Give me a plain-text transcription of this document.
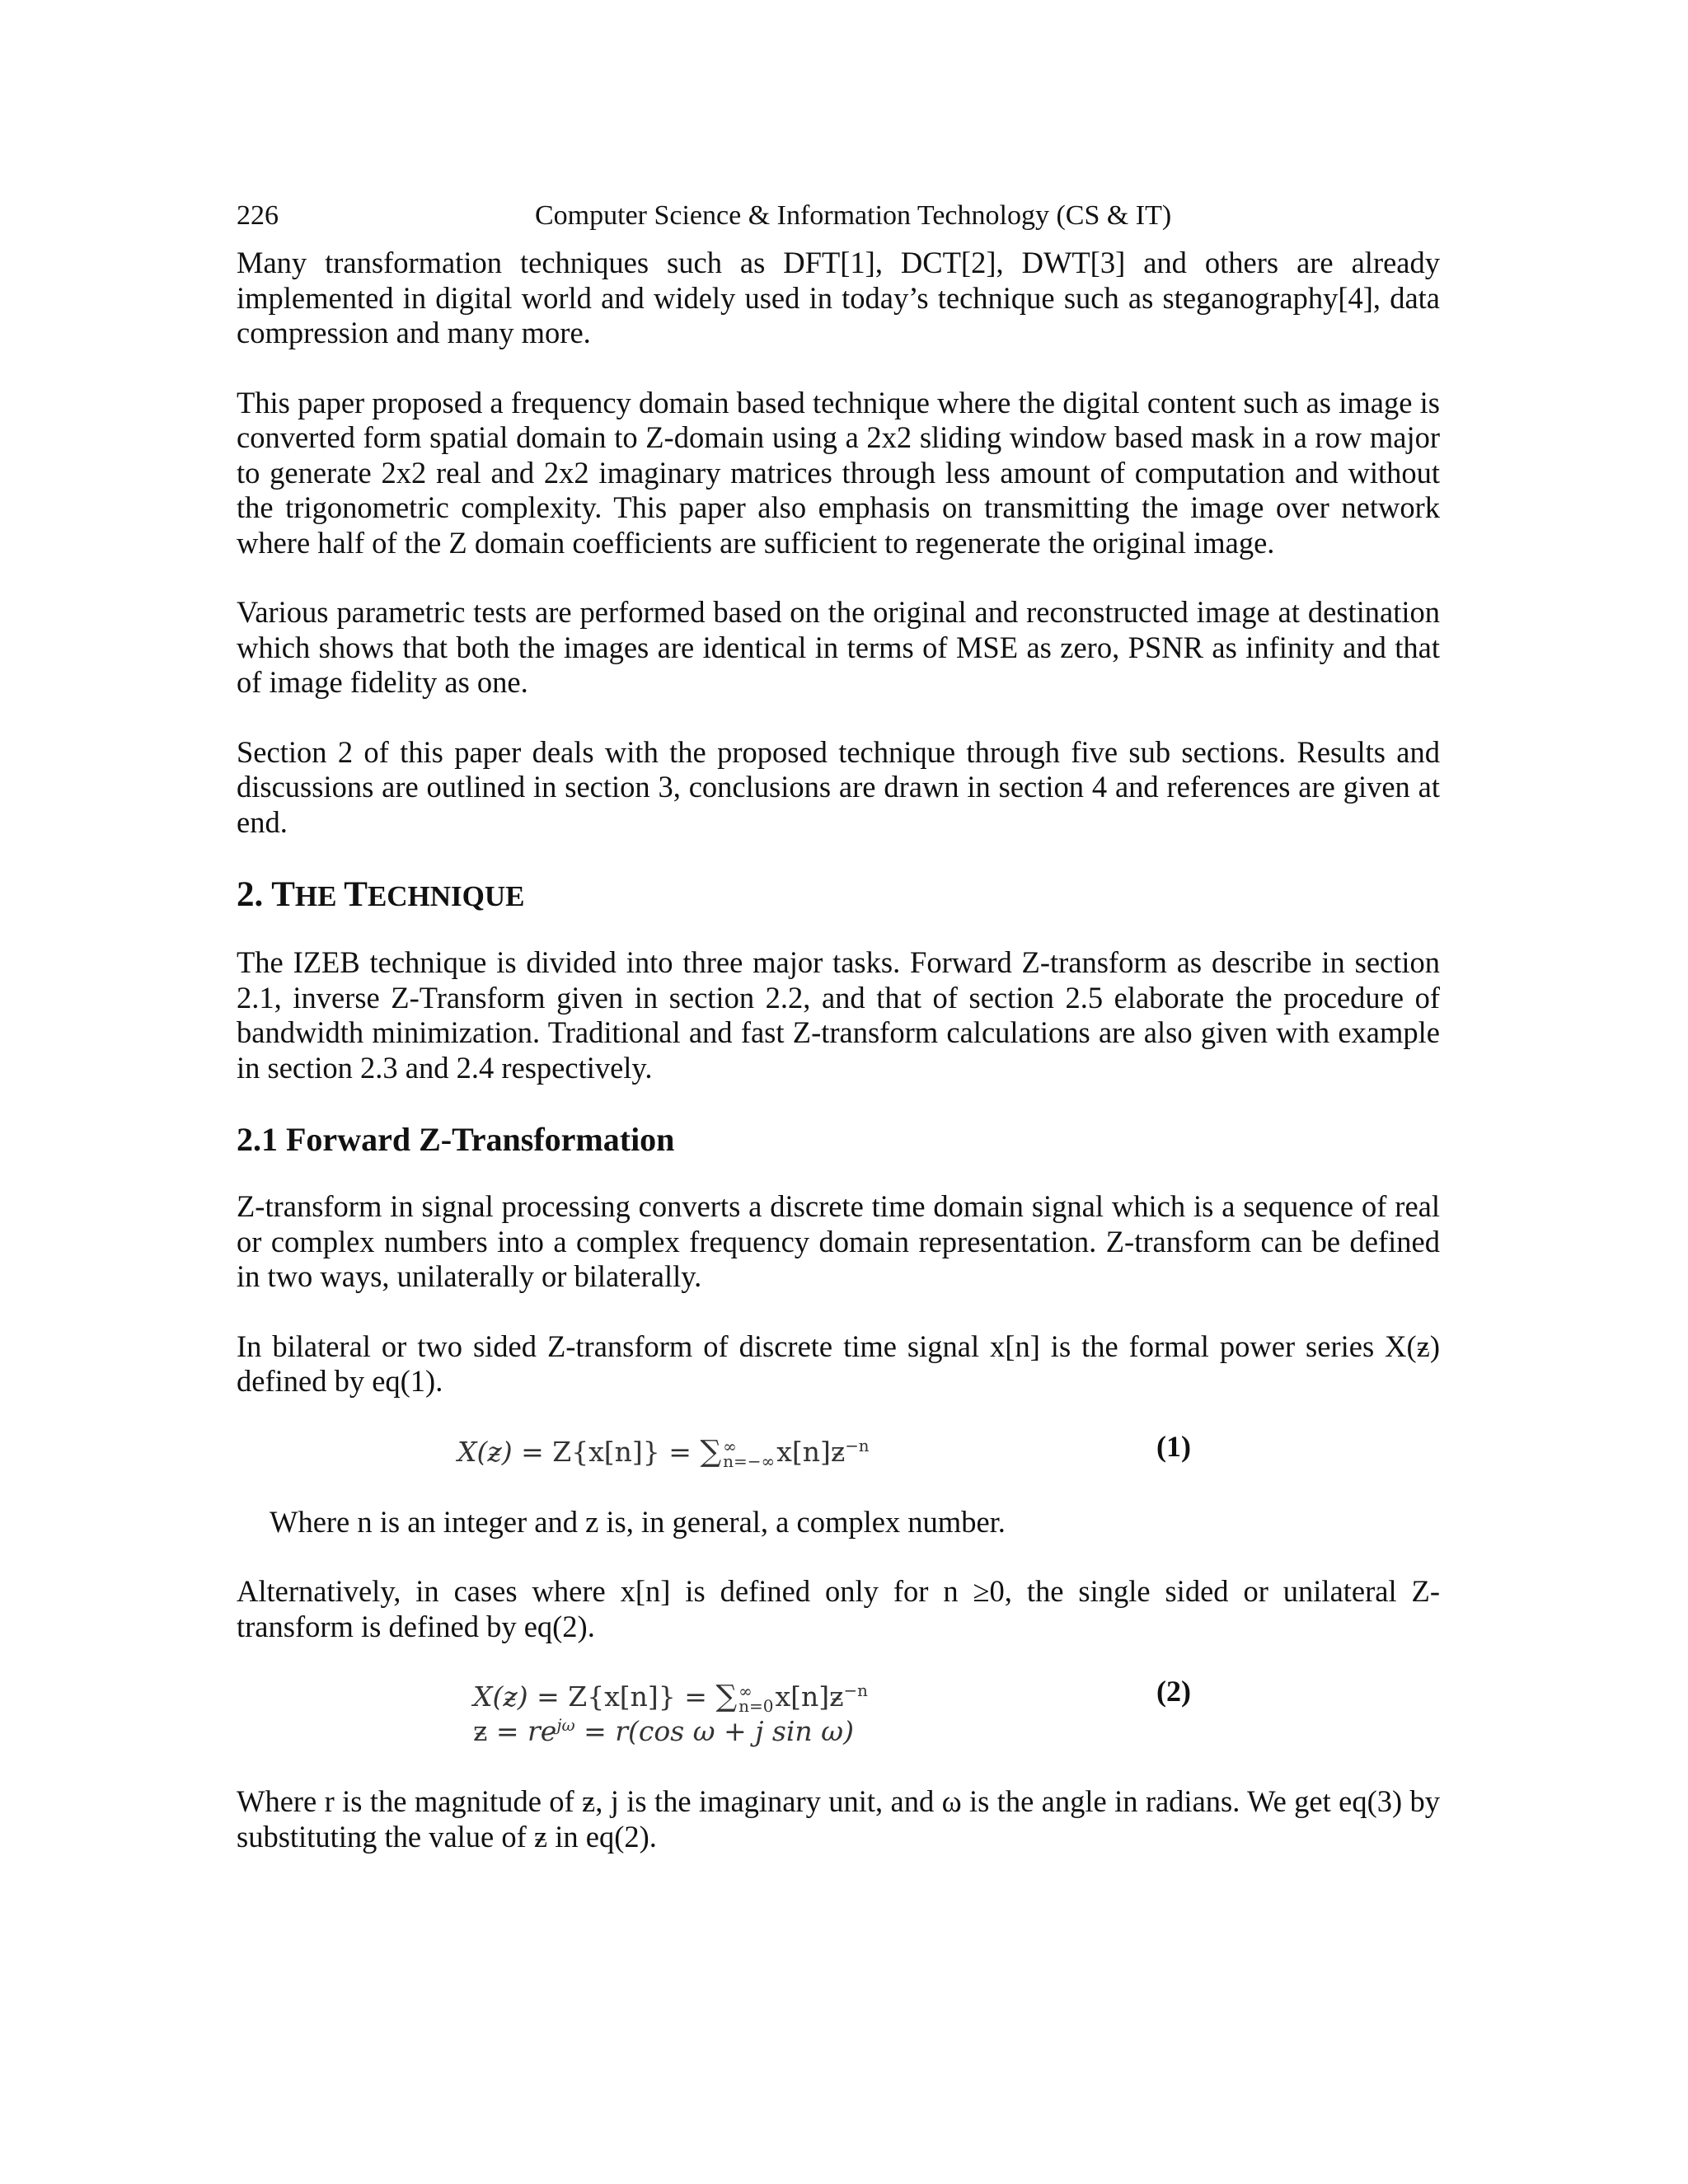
226	Computer Science & Information Technology (CS & IT)

Many transformation techniques such as DFT[1], DCT[2], DWT[3] and others are already implemented in digital world and widely used in today’s technique such as steganography[4], data compression and many more.

This paper proposed a frequency domain based technique where the digital content such as image is converted form spatial domain to Z-domain using a 2x2 sliding window based mask in a row major to generate 2x2 real and 2x2 imaginary matrices through less amount of computation and without the trigonometric complexity. This paper also emphasis on transmitting the image over network where half of the Z domain coefficients are sufficient to regenerate the original image.

Various parametric tests are performed based on the original and reconstructed image at destination which shows that both the images are identical in terms of MSE as zero, PSNR as infinity and that of image fidelity as one.

Section 2 of this paper deals with the proposed technique through five sub sections. Results and discussions are outlined in section 3, conclusions are drawn in section 4 and references are given at end.

2. THE TECHNIQUE

The IZEB technique is divided into three major tasks. Forward Z-transform as describe in section 2.1, inverse Z-Transform given in section 2.2, and that of section 2.5 elaborate the procedure of bandwidth minimization. Traditional and fast Z-transform calculations are also given with example in section 2.3 and 2.4 respectively.

2.1 Forward Z-Transformation

Z-transform in signal processing converts a discrete time domain signal which is a sequence of real or complex numbers into a complex frequency domain representation. Z-transform can be defined in two ways, unilaterally or bilaterally.

In bilateral or two sided Z-transform of discrete time signal x[n] is the formal power series X(ƶ) defined by eq(1).

X(ƶ) = Z{x[n]} = ∑ ∞
n=−∞ $x[n]ƶ^{-n}$	(1)

Where n is an integer and z is, in general, a complex number.

Alternatively, in cases where x[n] is defined only for n ≥0, the single sided or unilateral Z-transform is defined by eq(2).

X(ƶ) = Z{x[n]} = ∑ ∞
n=0 $x[n]ƶ^{-n}$
ƶ = $re^{j\omega} = r(\cos$ ω + j sin ω)
(2)

Where r is the magnitude of ƶ, j is the imaginary unit, and ω is the angle in radians. We get eq(3) by substituting the value of ƶ in eq(2).
